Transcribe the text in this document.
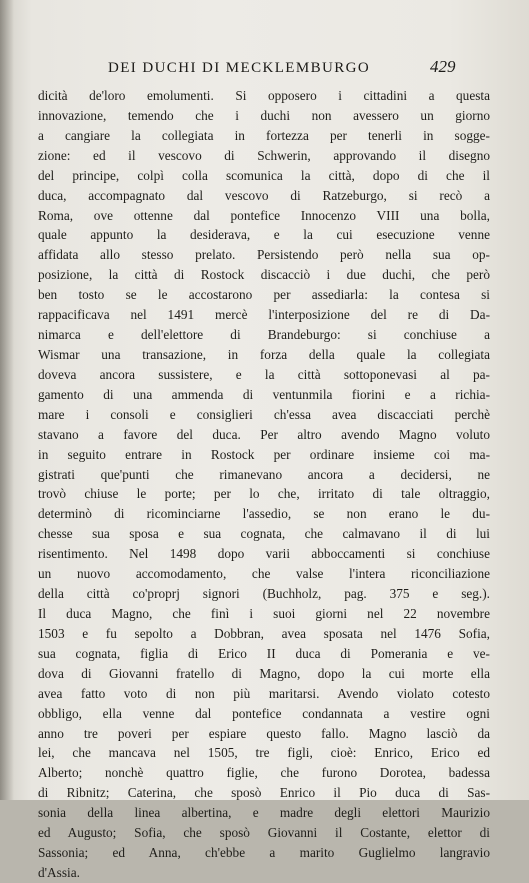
DEI DUCHI DI MECKLEMBURGO	429
dicità de'loro emolumenti. Si opposero i cittadini a questa
innovazione, temendo che i duchi non avessero un giorno
a cangiare la collegiata in fortezza per tenerli in sogge-
zione: ed il vescovo di Schwerin, approvando il disegno
del principe, colpì colla scomunica la città, dopo di che il
duca, accompagnato dal vescovo di Ratzeburgo, si recò a
Roma, ove ottenne dal pontefice Innocenzo VIII una bolla,
quale appunto la desiderava, e la cui esecuzione venne
affidata allo stesso prelato. Persistendo però nella sua op-
posizione, la città di Rostock discacciò i due duchi, che però
ben tosto se le accostarono per assediarla: la contesa si
rappacificava nel 1491 mercè l'interposizione del re di Da-
nimarca e dell'elettore di Brandeburgo: si conchiuse a
Wismar una transazione, in forza della quale la collegiata
doveva ancora sussistere, e la città sottoponevasi al pa-
gamento di una ammenda di ventunmila fiorini e a richia-
mare i consoli e consiglieri ch'essa avea discacciati perchè
stavano a favore del duca. Per altro avendo Magno voluto
in seguito entrare in Rostock per ordinare insieme coi ma-
gistrati que'punti che rimanevano ancora a decidersi, ne
trovò chiuse le porte; per lo che, irritato di tale oltraggio,
determinò di ricominciarne l'assedio, se non erano le du-
chesse sua sposa e sua cognata, che calmavano il di lui
risentimento. Nel 1498 dopo varii abboccamenti si conchiuse
un nuovo accomodamento, che valse l'intera riconciliazione
della città co'proprj signori (Buchholz, pag. 375 e seg.).
Il duca Magno, che finì i suoi giorni nel 22 novembre
1503 e fu sepolto a Dobbran, avea sposata nel 1476 Sofia,
sua cognata, figlia di Erico II duca di Pomerania e ve-
dova di Giovanni fratello di Magno, dopo la cui morte ella
avea fatto voto di non più maritarsi. Avendo violato cotesto
obbligo, ella venne dal pontefice condannata a vestire ogni
anno tre poveri per espiare questo fallo. Magno lasciò da
lei, che mancava nel 1505, tre figli, cioè: Enrico, Erico ed
Alberto; nonchè quattro figlie, che furono Dorotea, badessa
di Ribnitz; Caterina, che sposò Enrico il Pio duca di Sas-
sonia della linea albertina, e madre degli elettori Maurizio
ed Augusto; Sofia, che sposò Giovanni il Costante, elettor di
Sassonia; ed Anna, ch'ebbe a marito Guglielmo langravio
d'Assia.
